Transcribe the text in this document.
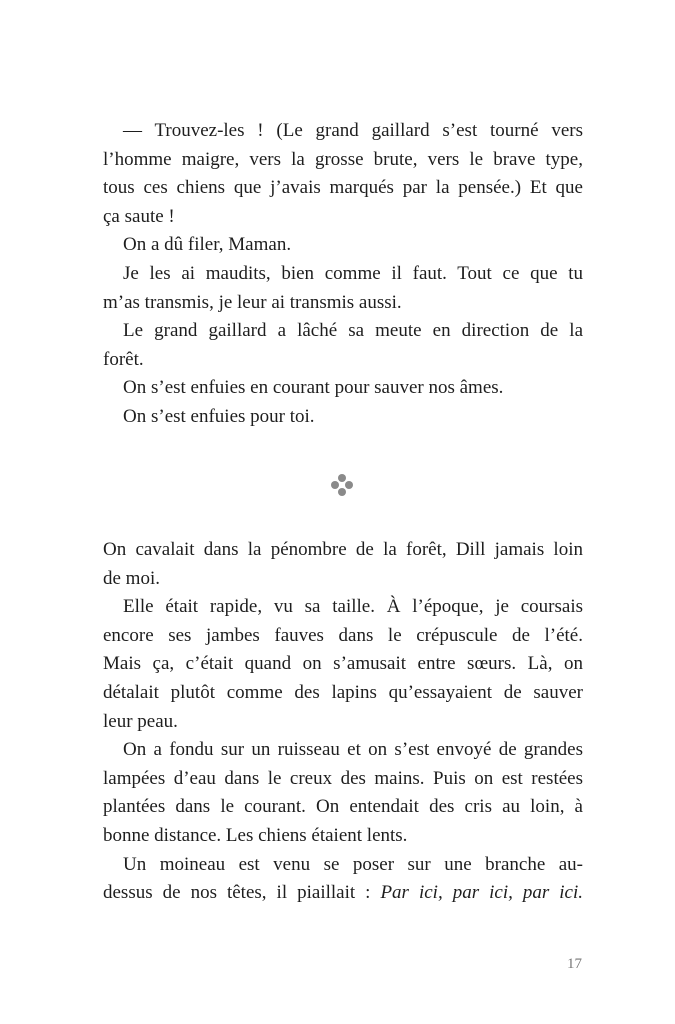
— Trouvez-les ! (Le grand gaillard s’est tourné vers
l’homme maigre, vers la grosse brute, vers le brave type,
tous ces chiens que j’avais marqués par la pensée.) Et que
ça saute !
On a dû filer, Maman.
Je les ai maudits, bien comme il faut. Tout ce que tu
m’as transmis, je leur ai transmis aussi.
Le grand gaillard a lâché sa meute en direction de la
forêt.
On s’est enfuies en courant pour sauver nos âmes.
On s’est enfuies pour toi.
On cavalait dans la pénombre de la forêt, Dill jamais loin
de moi.
Elle était rapide, vu sa taille. À l’époque, je coursais
encore ses jambes fauves dans le crépuscule de l’été.
Mais ça, c’était quand on s’amusait entre sœurs. Là, on
détalait plutôt comme des lapins qu’essayaient de sauver
leur peau.
On a fondu sur un ruisseau et on s’est envoyé de grandes
lampées d’eau dans le creux des mains. Puis on est restées
plantées dans le courant. On entendait des cris au loin, à
bonne distance. Les chiens étaient lents.
Un moineau est venu se poser sur une branche au-
dessus de nos têtes, il piaillait : Par ici, par ici, par ici.
17
